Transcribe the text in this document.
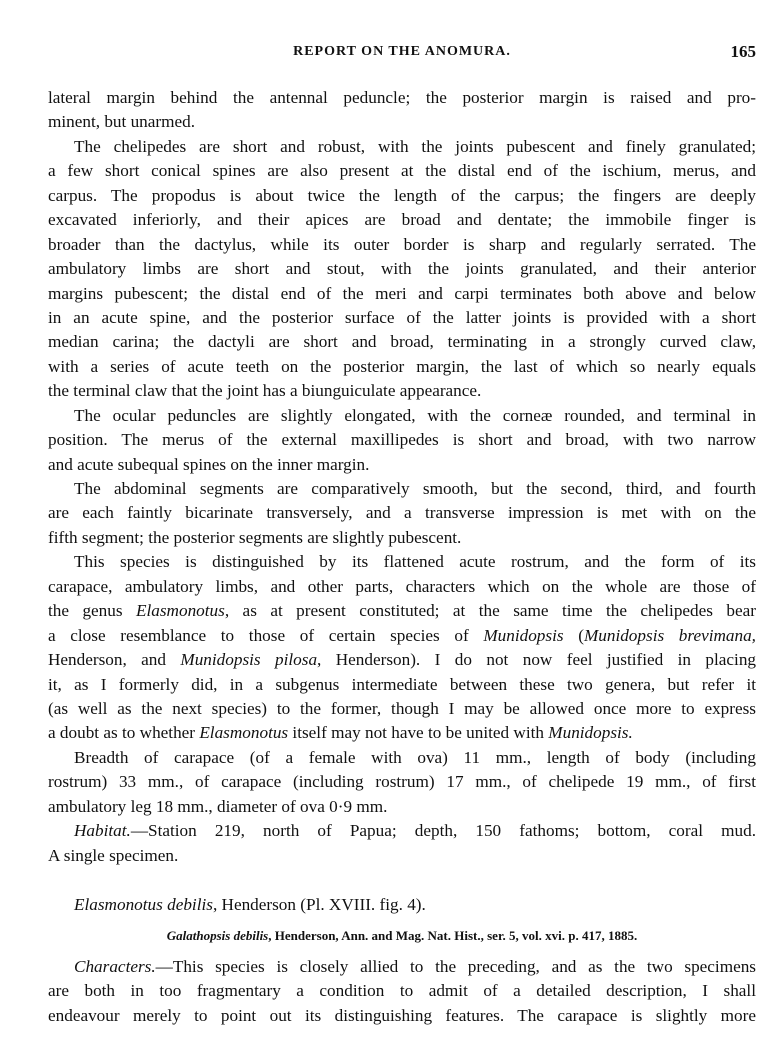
REPORT ON THE ANOMURA.	165
lateral margin behind the antennal peduncle; the posterior margin is raised and pro-
minent, but unarmed.
The chelipedes are short and robust, with the joints pubescent and finely granulated;
a few short conical spines are also present at the distal end of the ischium, merus, and
carpus. The propodus is about twice the length of the carpus; the fingers are deeply
excavated inferiorly, and their apices are broad and dentate; the immobile finger is
broader than the dactylus, while its outer border is sharp and regularly serrated. The
ambulatory limbs are short and stout, with the joints granulated, and their anterior
margins pubescent; the distal end of the meri and carpi terminates both above and below
in an acute spine, and the posterior surface of the latter joints is provided with a short
median carina; the dactyli are short and broad, terminating in a strongly curved claw,
with a series of acute teeth on the posterior margin, the last of which so nearly equals
the terminal claw that the joint has a biunguiculate appearance.
The ocular peduncles are slightly elongated, with the corneæ rounded, and terminal in
position. The merus of the external maxillipedes is short and broad, with two narrow
and acute subequal spines on the inner margin.
The abdominal segments are comparatively smooth, but the second, third, and fourth
are each faintly bicarinate transversely, and a transverse impression is met with on the
fifth segment; the posterior segments are slightly pubescent.
This species is distinguished by its flattened acute rostrum, and the form of its
carapace, ambulatory limbs, and other parts, characters which on the whole are those of
the genus Elasmonotus, as at present constituted; at the same time the chelipedes bear
a close resemblance to those of certain species of Munidopsis (Munidopsis brevimana,
Henderson, and Munidopsis pilosa, Henderson). I do not now feel justified in placing
it, as I formerly did, in a subgenus intermediate between these two genera, but refer it
(as well as the next species) to the former, though I may be allowed once more to express
a doubt as to whether Elasmonotus itself may not have to be united with Munidopsis.
Breadth of carapace (of a female with ova) 11 mm., length of body (including
rostrum) 33 mm., of carapace (including rostrum) 17 mm., of chelipede 19 mm., of first
ambulatory leg 18 mm., diameter of ova 0·9 mm.
Habitat.—Station 219, north of Papua; depth, 150 fathoms; bottom, coral mud.
A single specimen.
Elasmonotus debilis, Henderson (Pl. XVIII. fig. 4).
Galathopsis debilis, Henderson, Ann. and Mag. Nat. Hist., ser. 5, vol. xvi. p. 417, 1885.
Characters.—This species is closely allied to the preceding, and as the two specimens
are both in too fragmentary a condition to admit of a detailed description, I shall
endeavour merely to point out its distinguishing features. The carapace is slightly more
